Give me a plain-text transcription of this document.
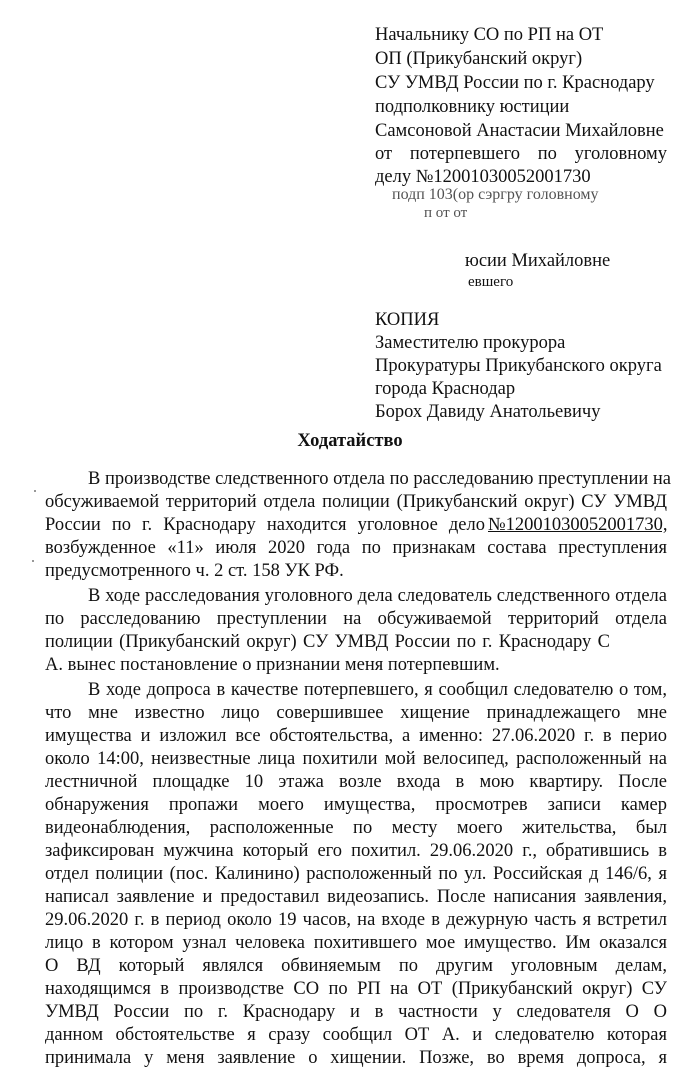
Начальнику СО по РП на ОТ
ОП (Прикубанский округ)
СУ УМВД России по г. Краснодару
подполковнику юстиции
Самсоновой Анастасии Михайловне
от потерпевшего по уголовному
делу №12001030052001730
подп 103(ор сэргру головному
п от от
юсии Михайловне
евшего
КОПИЯ
Заместителю прокурора
Прокуратуры Прикубанского округа
города Краснодар
Борох Давиду Анатольевичу
Ходатайство
В производстве следственного отдела по расследованию преступлении на
обсуживаемой территорий отдела полиции (Прикубанский округ) СУ УМВД
России по г. Краснодару находится уголовное дело №12001030052001730,
возбужденное «11» июля 2020 года по признакам состава преступления
предусмотренного ч. 2 ст. 158 УК РФ.
В ходе расследования уголовного дела следователь следственного отдела
по расследованию преступлении на обсуживаемой территорий отдела
полиции (Прикубанский округ) СУ УМВД России по г. Краснодару С
А. вынес постановление о признании меня потерпевшим.
В ходе допроса в качестве потерпевшего, я сообщил следователю о том,
что мне известно лицо совершившее хищение принадлежащего мне
имущества и изложил все обстоятельства, а именно: 27.06.2020 г. в перио
около 14:00, неизвестные лица похитили мой велосипед, расположенный на
лестничной площадке 10 этажа возле входа в мою квартиру. После
обнаружения пропажи моего имущества, просмотрев записи камер
видеонаблюдения, расположенные по месту моего жительства, был
зафиксирован мужчина который его похитил. 29.06.2020 г., обратившись в
отдел полиции (пос. Калинино) расположенный по ул. Российская д 146/6, я
написал заявление и предоставил видеозапись. После написания заявления,
29.06.2020 г. в период около 19 часов, на входе в дежурную часть я встретил
лицо в котором узнал человека похитившего мое имущество. Им оказался
О ВД который являлся обвиняемым по другим уголовным делам,
находящимся в производстве СО по РП на ОТ (Прикубанский округ) СУ
УМВД России по г. Краснодару и в частности у следователя О О
данном обстоятельстве я сразу сообщил ОТ А. и следователю которая
принимала у меня заявление о хищении. Позже, во время допроса, я
